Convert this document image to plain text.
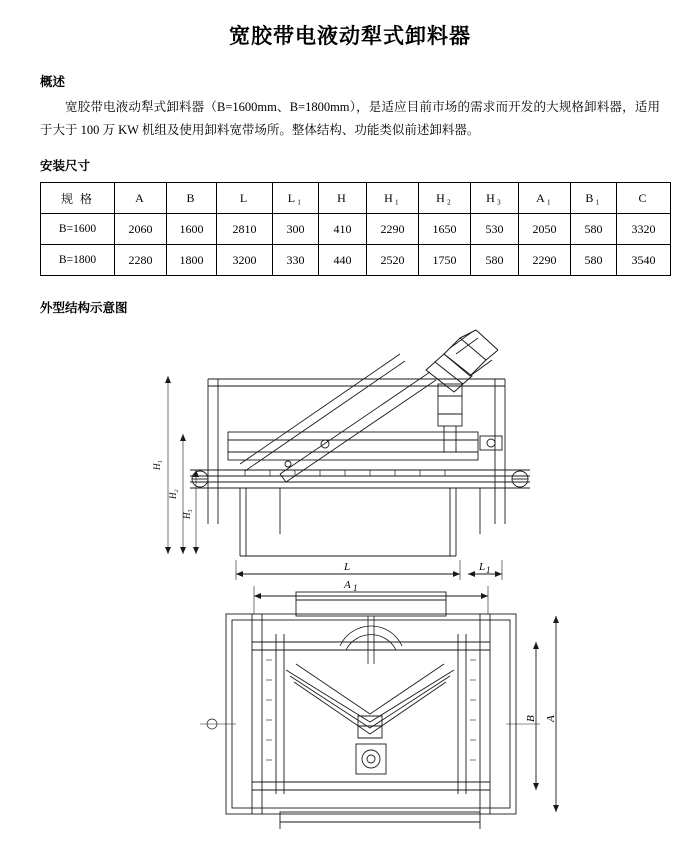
宽胶带电液动犁式卸料器
概述
宽胶带电液动犁式卸料器（B=1600mm、B=1800mm），是适应目前市场的需求而开发的大规格卸料器，适用于大于 100 万 KW 机组及使用卸料宽带场所。整体结构、功能类似前述卸料器。
安装尺寸
规 格	A	B	L	L₁	H	H₁	H₂	H₃	A₁	B₁	C
B=1600	2060	1600	2810	300	410	2290	1650	530	2050	580	3320
B=1800	2280	1800	3200	330	440	2520	1750	580	2290	580	3540
外型结构示意图
A 1
L	L 1
H₁
H₂
H₃
B A
